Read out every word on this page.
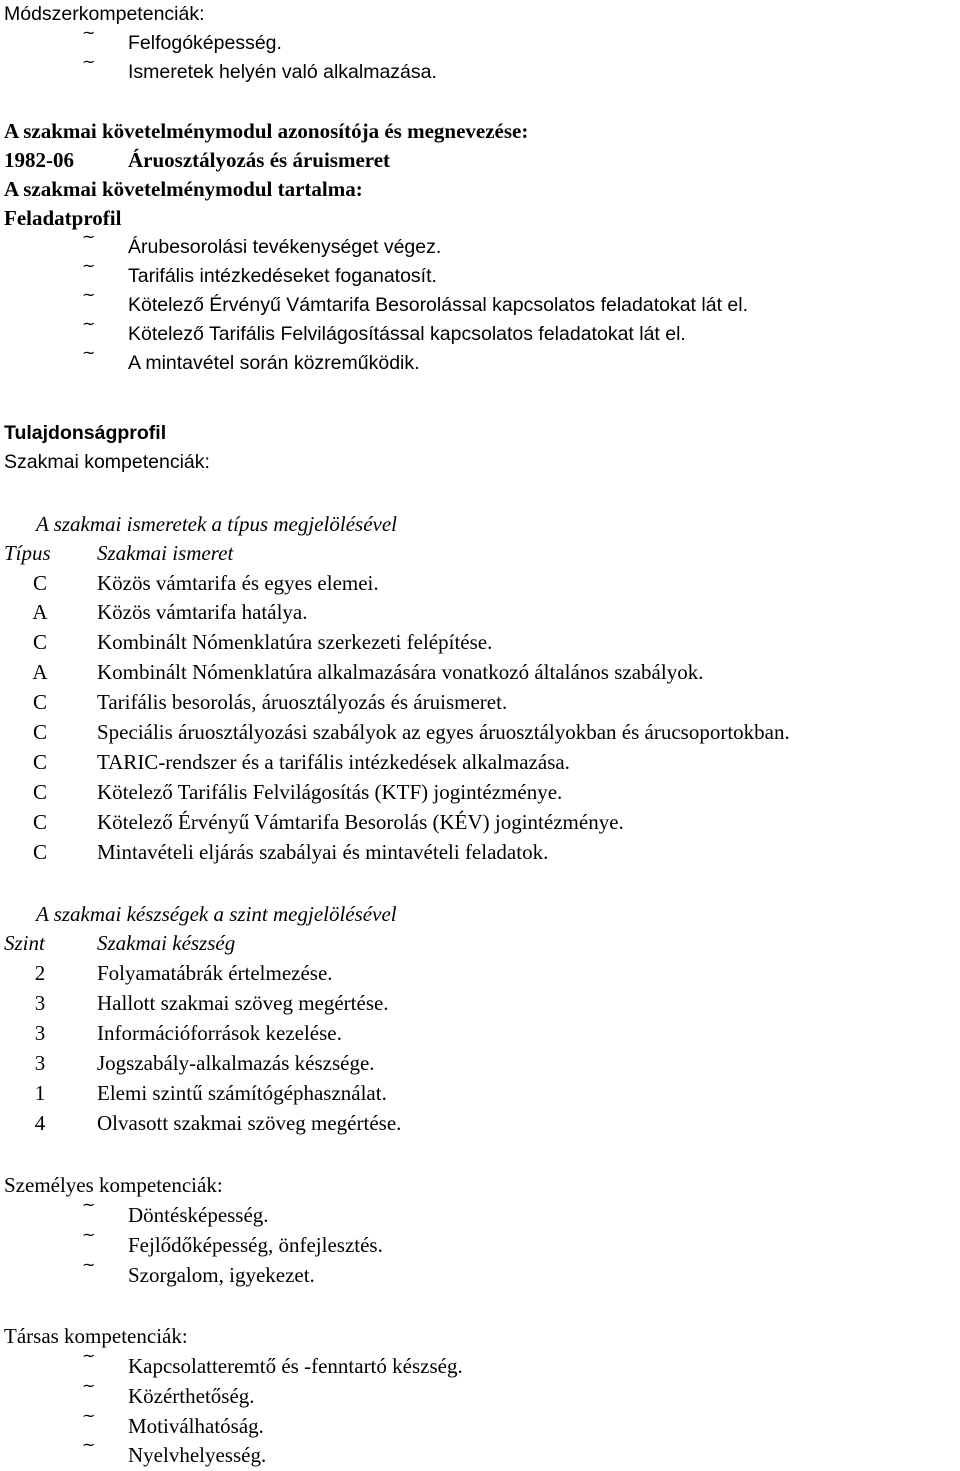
Módszerkompetenciák:
~ Felfogóképesség.
~ Ismeretek helyén való alkalmazása.
A szakmai követelménymodul azonosítója és megnevezése:
1982-06	Áruosztályozás és áruismeret
A szakmai követelménymodul tartalma:
Feladatprofil
~ Árubesorolási tevékenységet végez.
~ Tarifális intézkedéseket foganatosít.
~ Kötelező Érvényű Vámtarifa Besorolással kapcsolatos feladatokat lát el.
~ Kötelező Tarifális Felvilágosítással kapcsolatos feladatokat lát el.
~ A mintavétel során közreműködik.
Tulajdonságprofil
Szakmai kompetenciák:
A szakmai ismeretek a típus megjelölésével
Típus Szakmai ismeret
C	Közös vámtarifa és egyes elemei.
A	Közös vámtarifa hatálya.
C	Kombinált Nómenklatúra szerkezeti felépítése.
A	Kombinált Nómenklatúra alkalmazására vonatkozó általános szabályok.
C	Tarifális besorolás, áruosztályozás és áruismeret.
C	Speciális áruosztályozási szabályok az egyes áruosztályokban és árucsoportokban.
C	TARIC-rendszer és a tarifális intézkedések alkalmazása.
C	Kötelező Tarifális Felvilágosítás (KTF) jogintézménye.
C	Kötelező Érvényű Vámtarifa Besorolás (KÉV) jogintézménye.
C	Mintavételi eljárás szabályai és mintavételi feladatok.
A szakmai készségek a szint megjelölésével
Szint Szakmai készség
2	Folyamatábrák értelmezése.
3	Hallott szakmai szöveg megértése.
3	Információforrások kezelése.
3	Jogszabály-alkalmazás készsége.
1	Elemi szintű számítógéphasználat.
4	Olvasott szakmai szöveg megértése.
Személyes kompetenciák:
~ Döntésképesség.
~ Fejlődőképesség, önfejlesztés.
~ Szorgalom, igyekezet.
Társas kompetenciák:
~ Kapcsolatteremtő és -fenntartó készség.
~ Közérthetőség.
~ Motiválhatóság.
~ Nyelvhelyesség.
